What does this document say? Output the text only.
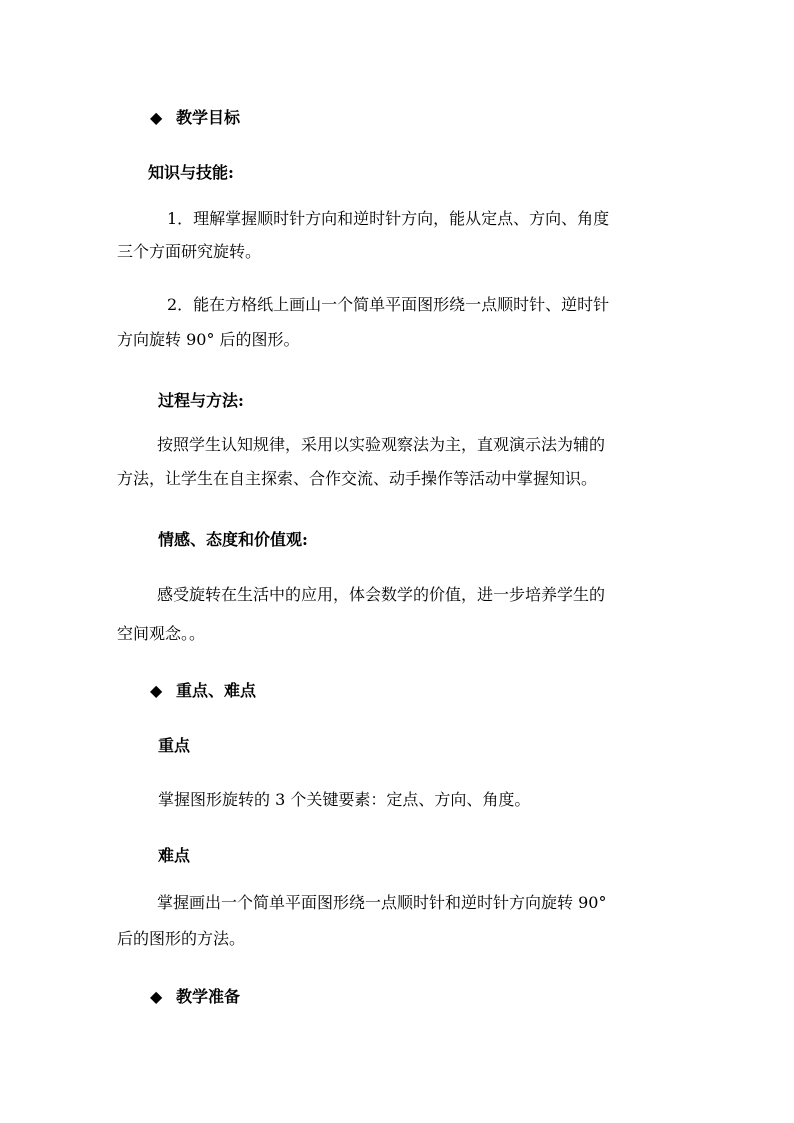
◆ 教学目标
知识与技能:
1．理解掌握顺时针方向和逆时针方向，能从定点、方向、角度
三个方面研究旋转。
2．能在方格纸上画山一个简单平面图形绕一点顺时针、逆时针
方向旋转 90° 后的图形。
过程与方法:
按照学生认知规律，采用以实验观察法为主，直观演示法为辅的
方法，让学生在自主探索、合作交流、动手操作等活动中掌握知识。
情感、态度和价值观:
感受旋转在生活中的应用，体会数学的价值，进一步培养学生的
空间观念。。
◆ 重点、难点
重点
掌握图形旋转的 3 个关键要素：定点、方向、角度。
难点
掌握画出一个简单平面图形绕一点顺时针和逆时针方向旋转 90°
后的图形的方法。
◆ 教学准备
